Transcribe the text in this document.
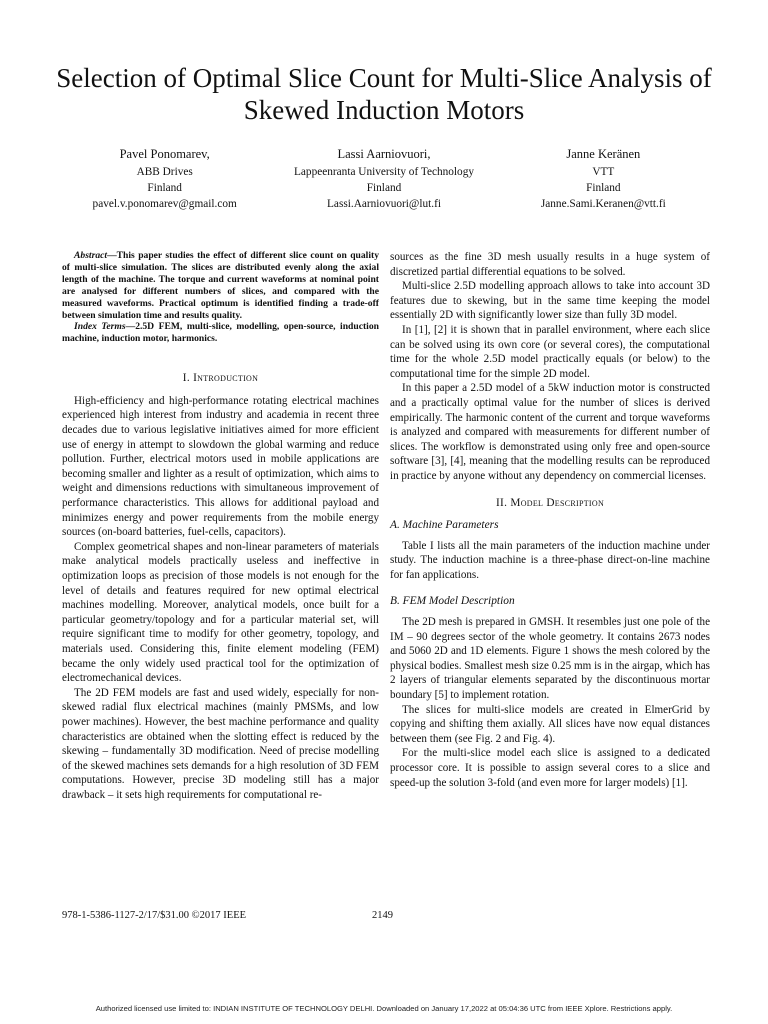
Selection of Optimal Slice Count for Multi-Slice Analysis of Skewed Induction Motors
Pavel Ponomarev,
ABB Drives
Finland
pavel.v.ponomarev@gmail.com
Lassi Aarniovuori,
Lappeenranta University of Technology
Finland
Lassi.Aarniovuori@lut.fi
Janne Keränen
VTT
Finland
Janne.Sami.Keranen@vtt.fi

Abstract—This paper studies the effect of different slice count on quality of multi-slice simulation. The slices are distributed evenly along the axial length of the machine. The torque and current waveforms at nominal point are analysed for different numbers of slices, and compared with the measured waveforms. Practical optimum is identified finding a trade-off between simulation time and results quality.

Index Terms—2.5D FEM, multi-slice, modelling, open-source, induction machine, induction motor, harmonics.

I. Introduction

High-efficiency and high-performance rotating electrical machines experienced high interest from industry and academia in recent three decades due to various legislative initiatives aimed for more efficient use of energy in attempt to slowdown the global warming and reduce pollution. Further, electrical motors used in mobile applications are becoming smaller and lighter as a result of optimization, which aims to weight and dimensions reductions with simultaneous improvement of performance characteristics. This allows for additional payload and minimizes energy and power requirements from the mobile energy sources (on-board batteries, fuel-cells, capacitors).

Complex geometrical shapes and non-linear parameters of materials make analytical models practically useless and ineffective in optimization loops as precision of those models is not enough for the level of details and features required for new optimal electrical machines modelling. Moreover, analytical models, once built for a particular geometry/topology and for a particular material set, will require significant time to modify for other geometry, topology, and materials used. Considering this, finite element modeling (FEM) became the only widely used practical tool for the optimization of electromechanical devices.

The 2D FEM models are fast and used widely, especially for non-skewed radial flux electrical machines (mainly PMSMs, and low power machines). However, the best machine performance and quality characteristics are obtained when the slotting effect is reduced by the skewing – fundamentally 3D modification. Need of precise modelling of the skewed machines sets demands for a high resolution of 3D FEM computations. However, precise 3D modeling still has a major drawback – it sets high requirements for computational re-

sources as the fine 3D mesh usually results in a huge system of discretized partial differential equations to be solved.

Multi-slice 2.5D modelling approach allows to take into account 3D features due to skewing, but in the same time keeping the model essentially 2D with significantly lower size than fully 3D model.

In [1], [2] it is shown that in parallel environment, where each slice can be solved using its own core (or several cores), the computational time for the whole 2.5D model practically equals (or below) to the computational time for the simple 2D model.

In this paper a 2.5D model of a 5kW induction motor is constructed and a practically optimal value for the number of slices is derived empirically. The harmonic content of the current and torque waveforms is analyzed and compared with measurements for different number of slices. The workflow is demonstrated using only free and open-source software [3], [4], meaning that the modelling results can be reproduced in practice by anyone without any dependency on commercial licenses.

II. Model Description
A. Machine Parameters

Table I lists all the main parameters of the induction machine under study. The induction machine is a three-phase direct-on-line machine for fan applications.

B. FEM Model Description

The 2D mesh is prepared in GMSH. It resembles just one pole of the IM – 90 degrees sector of the whole geometry. It contains 2673 nodes and 5060 2D and 1D elements. Figure 1 shows the mesh colored by the physical bodies. Smallest mesh size 0.25 mm is in the airgap, which has 2 layers of triangular elements separated by the discontinuous mortar boundary [5] to implement rotation.

The slices for multi-slice models are created in ElmerGrid by copying and shifting them axially. All slices have now equal distances between them (see Fig. 2 and Fig. 4).

For the multi-slice model each slice is assigned to a dedicated processor core. It is possible to assign several cores to a slice and speed-up the solution 3-fold (and even more for larger models) [1].

978-1-5386-1127-2/17/$31.00 ©2017 IEEE	2149
Authorized licensed use limited to: INDIAN INSTITUTE OF TECHNOLOGY DELHI. Downloaded on January 17,2022 at 05:04:36 UTC from IEEE Xplore. Restrictions apply.
